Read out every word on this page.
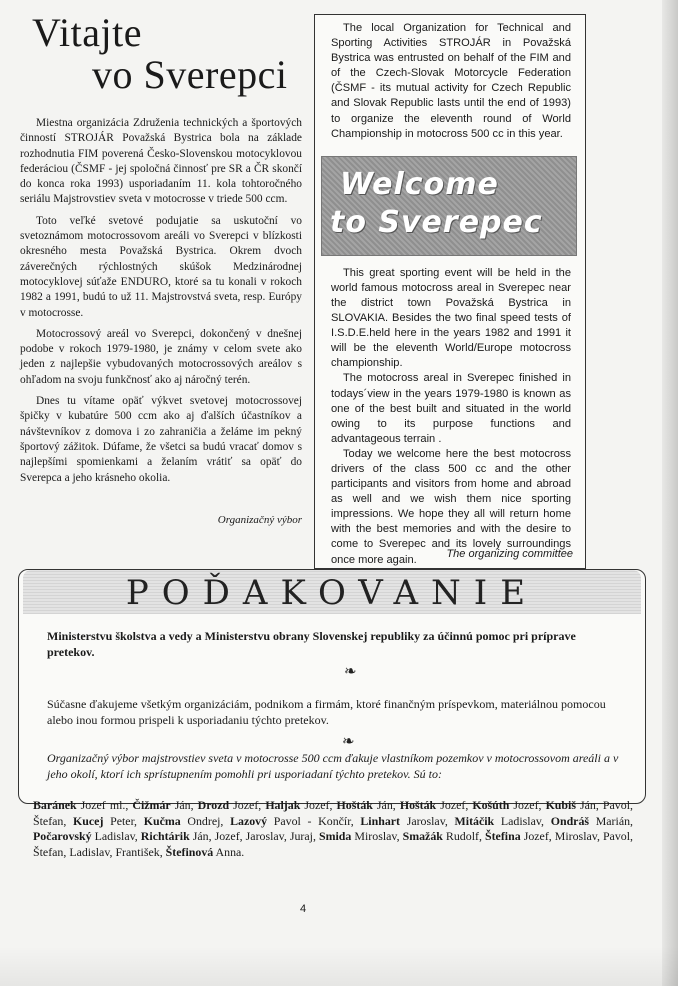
Vitajte
vo Sverepci

Miestna organizácia Združenia technických a športových činností STROJÁR Považská Bystrica bola na základe rozhodnutia FIM poverená Česko-Slovenskou motocyklovou federáciou (ČSMF - jej spoločná činnosť pre SR a ČR skončí do konca roka 1993) usporiadaním 11. kola tohtoročného seriálu Majstrovstiev sveta v motocrosse v triede 500 ccm.

Toto veľké svetové podujatie sa uskutoční vo svetoznámom motocrossovom areáli vo Sverepci v blízkosti okresného mesta Považská Bystrica. Okrem dvoch záverečných rýchlostných skúšok Medzinárodnej motocyklovej súťaže ENDURO, ktoré sa tu konali v rokoch 1982 a 1991, budú to už 11. Majstrovstvá sveta, resp. Európy v motocrosse.

Motocrossový areál vo Sverepci, dokončený v dnešnej podobe v rokoch 1979-1980, je známy v celom svete ako jeden z najlepšie vybudovaných motocrossových areálov s ohľadom na svoju funkčnosť ako aj náročný terén.

Dnes tu vítame opäť výkvet svetovej motocrossovej špičky v kubatúre 500 ccm ako aj ďalších účastníkov a návštevníkov z domova i zo zahraničia a želáme im pekný športový zážitok. Dúfame, že všetci sa budú vracať domov s najlepšími spomienkami a želaním vrátiť sa opäť do Sverepca a jeho krásneho okolia.

Organizačný výbor

The local Organization for Technical and Sporting Activities STROJÁR in Považská Bystrica was entrusted on behalf of the FIM and of the Czech-Slovak Motorcycle Federation (ČSMF - its mutual activity for Czech Republic and Slovak Republic lasts until the end of 1993) to organize the eleventh round of World Championship in motocross 500 cc in this year.

Welcome
to Sverepec

This great sporting event will be held in the world famous motocross areal in Sverepec near the district town Považská Bystrica in SLOVAKIA. Besides the two final speed tests of I.S.D.E.held here in the years 1982 and 1991 it will be the eleventh World/Europe motocross championship.

The motocross areal in Sverepec finished in todays´view in the years 1979-1980 is known as one of the best built and situated in the world owing to its purpose functions and advantageous terrain .

Today we welcome here the best motocross drivers of the class 500 cc and the other participants and visitors from home and abroad as well and we wish them nice sporting impressions. We hope they all will return home with the best memories and with the desire to come to Sverepec and its lovely surroundings once more again.	The organizing committee
POĎAKOVANIE

Ministerstvu školstva a vedy a Ministerstvu obrany Slovenskej republiky za účinnú pomoc pri príprave pretekov.

❧

Súčasne ďakujeme všetkým organizáciám, podnikom a firmám, ktoré finančným príspevkom, materiálnou pomocou alebo inou formou prispeli k usporiadaniu týchto pretekov.

❧

Organizačný výbor majstrovstiev sveta v motocrosse 500 ccm ďakuje vlastníkom pozemkov v motocrossovom areáli a v jeho okolí, ktorí ich sprístupnením pomohli pri usporiadaní týchto pretekov. Sú to:

Baránek Jozef ml., Čižmár Ján, Drozd Jozef, Haljak Jozef, Hošták Ján, Hošták Jozef, Košúth Jozef, Kubiš Ján, Pavol, Štefan, Kucej Peter, Kučma Ondrej, Lazový Pavol - Končír, Linhart Jaroslav, Mitáčik Ladislav, Ondráš Marián, Počarovský Ladislav, Richtárik Ján, Jozef, Jaroslav, Juraj, Smida Miroslav, Smažák Rudolf, Štefina Jozef, Miroslav, Pavol, Štefan, Ladislav, František, Štefinová Anna.

4
